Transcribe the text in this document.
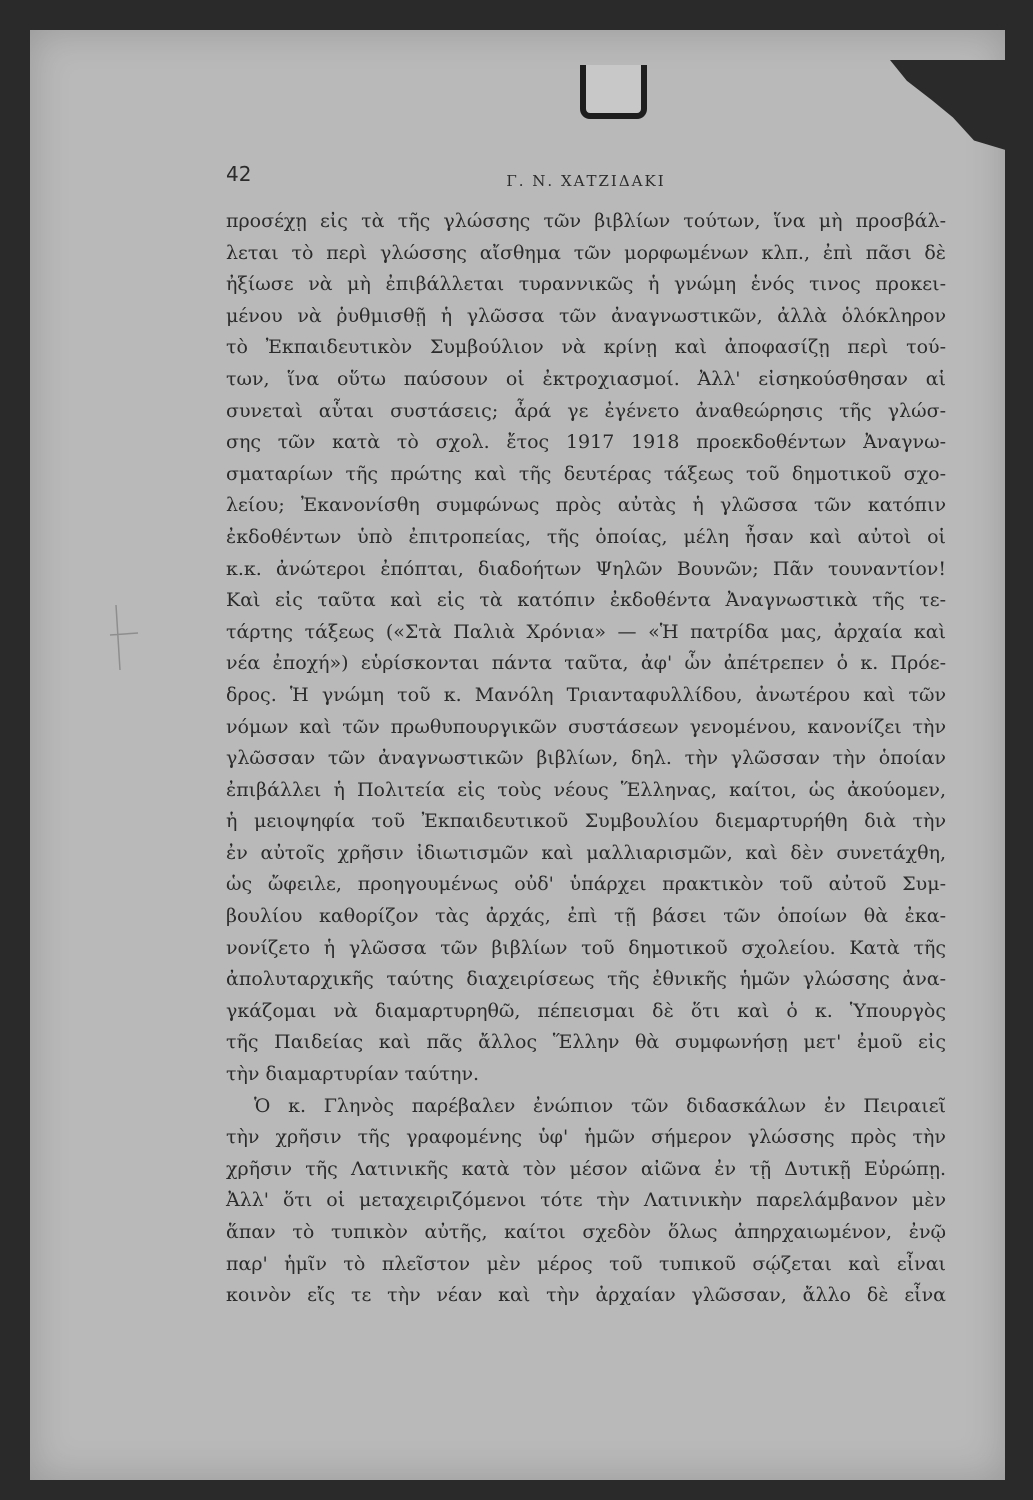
42	Γ. Ν. ΧΑΤΖΙΔΑΚΙ
προσέχῃ εἰς τὰ τῆς γλώσσης τῶν βιβλίων τούτων, ἵνα μὴ προσβάλ-
λεται τὸ περὶ γλώσσης αἴσθημα τῶν μορφωμένων κλπ., ἐπὶ πᾶσι δὲ
ἠξίωσε νὰ μὴ ἐπιβάλλεται τυραννικῶς ἡ γνώμη ἑνός τινος προκει-
μένου νὰ ῥυθμισθῇ ἡ γλῶσσα τῶν ἀναγνωστικῶν, ἀλλὰ ὁλόκληρον
τὸ Ἐκπαιδευτικὸν Συμβούλιον νὰ κρίνῃ καὶ ἀποφασίζῃ περὶ τού-
των, ἵνα οὕτω παύσουν οἱ ἐκτροχιασμοί. Ἀλλ' εἰσηκούσθησαν αἱ
συνεταὶ αὗται συστάσεις; ἆρά γε ἐγένετο ἀναθεώρησις τῆς γλώσ-
σης τῶν κατὰ τὸ σχολ. ἔτος 1917 1918 προεκδοθέντων Ἀναγνω-
σματαρίων τῆς πρώτης καὶ τῆς δευτέρας τάξεως τοῦ δημοτικοῦ σχο-
λείου; Ἐκανονίσθη συμφώνως πρὸς αὐτὰς ἡ γλῶσσα τῶν κατόπιν
ἐκδοθέντων ὑπὸ ἐπιτροπείας, τῆς ὁποίας, μέλη ἦσαν καὶ αὐτοὶ οἱ
κ.κ. ἀνώτεροι ἐπόπται, διαδοήτων Ψηλῶν Βουνῶν; Πᾶν τουναντίον!
Καὶ εἰς ταῦτα καὶ εἰς τὰ κατόπιν ἐκδοθέντα Ἀναγνωστικὰ τῆς τε-
τάρτης τάξεως («Στὰ Παλιὰ Χρόνια» — «Ἡ πατρίδα μας, ἀρχαία καὶ
νέα ἐποχή») εὑρίσκονται πάντα ταῦτα, ἀφ' ὧν ἀπέτρεπεν ὁ κ. Πρόε-
δρος. Ἡ γνώμη τοῦ κ. Μανόλη Τριανταφυλλίδου, ἀνωτέρου καὶ τῶν
νόμων καὶ τῶν πρωθυπουργικῶν συστάσεων γενομένου, κανονίζει τὴν
γλῶσσαν τῶν ἀναγνωστικῶν βιβλίων, δηλ. τὴν γλῶσσαν τὴν ὁποίαν
ἐπιβάλλει ἡ Πολιτεία εἰς τοὺς νέους Ἕλληνας, καίτοι, ὡς ἀκούομεν,
ἡ μειοψηφία τοῦ Ἐκπαιδευτικοῦ Συμβουλίου διεμαρτυρήθη διὰ τὴν
ἐν αὐτοῖς χρῆσιν ἰδιωτισμῶν καὶ μαλλιαρισμῶν, καὶ δὲν συνετάχθη,
ὡς ὤφειλε, προηγουμένως οὐδ' ὑπάρχει πρακτικὸν τοῦ αὐτοῦ Συμ-
βουλίου καθορίζον τὰς ἀρχάς, ἐπὶ τῇ βάσει τῶν ὁποίων θὰ ἐκα-
νονίζετο ἡ γλῶσσα τῶν βιβλίων τοῦ δημοτικοῦ σχολείου. Κατὰ τῆς
ἀπολυταρχικῆς ταύτης διαχειρίσεως τῆς ἐθνικῆς ἡμῶν γλώσσης ἀνα-
γκάζομαι νὰ διαμαρτυρηθῶ, πέπεισμαι δὲ ὅτι καὶ ὁ κ. Ὑπουργὸς
τῆς Παιδείας καὶ πᾶς ἄλλος Ἕλλην θὰ συμφωνήσῃ μετ' ἐμοῦ εἰς
τὴν διαμαρτυρίαν ταύτην.
Ὁ κ. Γληνὸς παρέβαλεν ἐνώπιον τῶν διδασκάλων ἐν Πειραιεῖ
τὴν χρῆσιν τῆς γραφομένης ὑφ' ἡμῶν σήμερον γλώσσης πρὸς τὴν
χρῆσιν τῆς Λατινικῆς κατὰ τὸν μέσον αἰῶνα ἐν τῇ Δυτικῇ Εὐρώπῃ.
Ἀλλ' ὅτι οἱ μεταχειριζόμενοι τότε τὴν Λατινικὴν παρελάμβανον μὲν
ἅπαν τὸ τυπικὸν αὐτῆς, καίτοι σχεδὸν ὅλως ἀπηρχαιωμένον, ἐνῷ
παρ' ἡμῖν τὸ πλεῖστον μὲν μέρος τοῦ τυπικοῦ σῴζεται καὶ εἶναι
κοινὸν εἴς τε τὴν νέαν καὶ τὴν ἀρχαίαν γλῶσσαν, ἄλλο δὲ εἶνα
